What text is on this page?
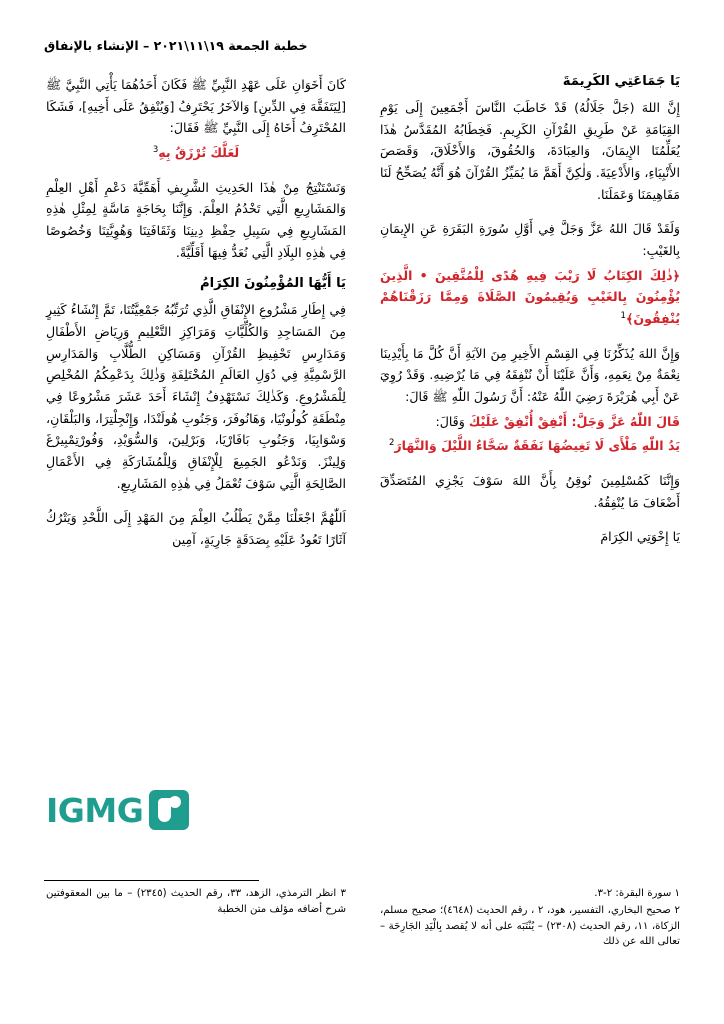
خطبة الجمعة ١٩\١١\٢٠٢١ – الإنشاء بالإنفاق

يَا جَمَاعَتِي الكَرِيمَةَ

إِنَّ اللهَ (جَلَّ جَلَالُهُ) قَدْ خَاطَبَ النَّاسَ أَجْمَعِينَ إِلَى يَوْمِ القِيَامَةِ عَنْ طَرِيقِ القُرْآنِ الكَرِيمِ. فَخِطَابُهُ المُقَدَّسُ هٰذَا يُعَلِّمُنَا الإِيمَانَ، وَالعِبَادَةَ، وَالحُقُوقَ، وَالأَخْلَاقَ، وَقَصَصَ الأَنْبِيَاءِ، وَالأَدْعِيَةَ. وَلٰكِنَّ أَهَمَّ مَا يُمَيِّزُ القُرْآنَ هُوَ أَنَّهُ يُصَحِّحُ لَنَا مَفَاهِيمَنَا وَعَمَلَنَا.

وَلَقَدْ قَالَ اللهُ عَزَّ وَجَلَّ فِي أَوَّلِ سُورَةِ البَقَرَةِ عَنِ الإِيمَانِ بِالغَيْبِ:

﴿ذٰلِكَ الكِتَابُ لَا رَيْبَ فِيهِ هُدًى لِلْمُتَّقِينَ • الَّذِينَ يُؤْمِنُونَ بِالغَيْبِ وَيُقِيمُونَ الصَّلَاةَ وَمِمَّا رَزَقْنَاهُمْ يُنْفِقُونَ﴾$^1$

وَإِنَّ اللهَ يُذَكِّرُنَا فِي القِسْمِ الأَخِيرِ مِنَ الآيَةِ أَنَّ كُلَّ مَا بِأَيْدِينَا نِعْمَةٌ مِنْ نِعَمِهِ، وَأَنَّ عَلَيْنَا أَنْ نُنْفِقَهُ فِي مَا يُرْضِيهِ. وَقَدْ رُوِيَ عَنْ أَبِي هُرَيْرَةَ رَضِيَ اللّٰهُ عَنْهُ: أَنَّ رَسُولَ اللّٰهِ ﷺ قَالَ:

قَالَ اللّٰهُ عَزَّ وَجَلَّ: أَنْفِقْ أُنْفِقْ عَلَيْكَ وَقَالَ:

يَدُ اللّٰهِ مَلْأَى لَا تَغِيضُهَا نَفَقَةٌ سَحَّاءُ اللَّيْلَ وَالنَّهَارَ$^2$

وَإِنَّنَا كَمُسْلِمِينَ نُوقِنُ بِأَنَّ اللهَ سَوْفَ يَجْزِي المُتَصَدِّقَ أَضْعَافَ مَا يُنْفِقُهُ.

يَا إِخْوَتِي الكِرَامَ

كَانَ أَخَوَانِ عَلَى عَهْدِ النَّبِيِّ ﷺ فَكَانَ أَحَدُهُمَا يَأْتِي النَّبِيَّ ﷺ [لِيَتَفَقَّهَ فِي الدِّينِ] وَالآخَرُ يَحْتَرِفُ [وَيُنْفِقُ عَلَى أَخِيهِ]، فَشَكَا المُحْتَرِفُ أَخَاهُ إِلَى النَّبِيِّ ﷺ فَقَالَ:

لَعَلَّكَ تُرْزَقُ بِهِ$^3$

وَنَسْتَنْتِجُ مِنْ هٰذَا الحَدِيثِ الشَّرِيفِ أَهَمِّيَّةَ دَعْمِ أَهْلِ العِلْمِ وَالمَشَارِيعِ الَّتِي تَخْدُمُ العِلْمَ. وَإِنَّنَا بِحَاجَةٍ مَاسَّةٍ لِمِثْلِ هٰذِهِ المَشَارِيعِ فِي سَبِيلِ حِفْظِ دِينِنَا وَثَقَافَتِنَا وَهُوِيَّتِنَا وَخُصُوصًا فِي هٰذِهِ البِلَادِ الَّتِي نُعَدُّ فِيهَا أَقَلِّيَّةً.

يَا أَيُّهَا المُؤْمِنُونَ الكِرَامُ

فِي إِطَارِ مَشْرُوعِ الإِنْفَاقِ الَّذِي تُرَتِّبُهُ جَمْعِيَّتُنَا، تَمَّ إِنْشَاءُ كَثِيرٍ مِنَ المَسَاجِدِ وَالكُلِّيَّاتِ وَمَرَاكِزِ التَّعْلِيمِ وَرِيَاضِ الأَطْفَالِ وَمَدَارِسِ تَحْفِيظِ القُرْآنِ وَمَسَاكِنِ الطُّلَّابِ وَالمَدَارِسِ الرَّسْمِيَّةِ فِي دُوَلِ العَالَمِ المُخْتَلِفَةِ وَذٰلِكَ بِدَعْمِكُمُ المُخْلِصِ لِلْمَشْرُوعِ. وَكَذٰلِكَ نَسْتَهْدِفُ إِنْشَاءَ أَحَدَ عَشَرَ مَشْرُوعًا فِي مِنْطَقَةِ كُولُونْيَا، وَهَانُوفَرَ، وَجَنُوبِ هُولَنْدَا، وَإِنْجِلْتِرَا، وَالبَلْقَانِ، وَسْوَابِيَا، وَجَنُوبِ بَافَارْيَا، وَبَرْلِينَ، وَالسُّوَيْدِ، وَفُورْتِمْبِيرْغَ وَلِينْزَ. وَنَدْعُو الجَمِيعَ لِلْإِنْفَاقِ وَلِلْمُشَارَكَةِ فِي الأَعْمَالِ الصَّالِحَةِ الَّتِي سَوْفَ تُعْمَلُ فِي هٰذِهِ المَشَارِيعِ.

اَللّٰهُمَّ اجْعَلْنَا مِمَّنْ يَطْلُبُ العِلْمَ مِنَ المَهْدِ إِلَى اللَّحْدِ وَيَتْرُكُ آثَارًا تَعُودُ عَلَيْهِ بِصَدَقَةٍ جَارِيَةٍ، آمِين

IGMG

١ سورة البقرة: ٢-٣.

٢ صحيح البخاري، التفسير، هود، ٢ ، رقم الحديث (٤٦٤٨)؛ صحيح مسلم، الزكاة، ١١، رقم الحديث (٢٣٠٨) – يُنْتَبَه على أنه لا يُقصد بِالْيَدِ الجَارِحَة – تعالى الله عن ذلك

٣ انظر الترمذي، الزهد، ٣٣، رقم الحديث (٢٣٤٥) – ما بين المعقوفتين شرح أضافه مؤلف متن الخطبة
